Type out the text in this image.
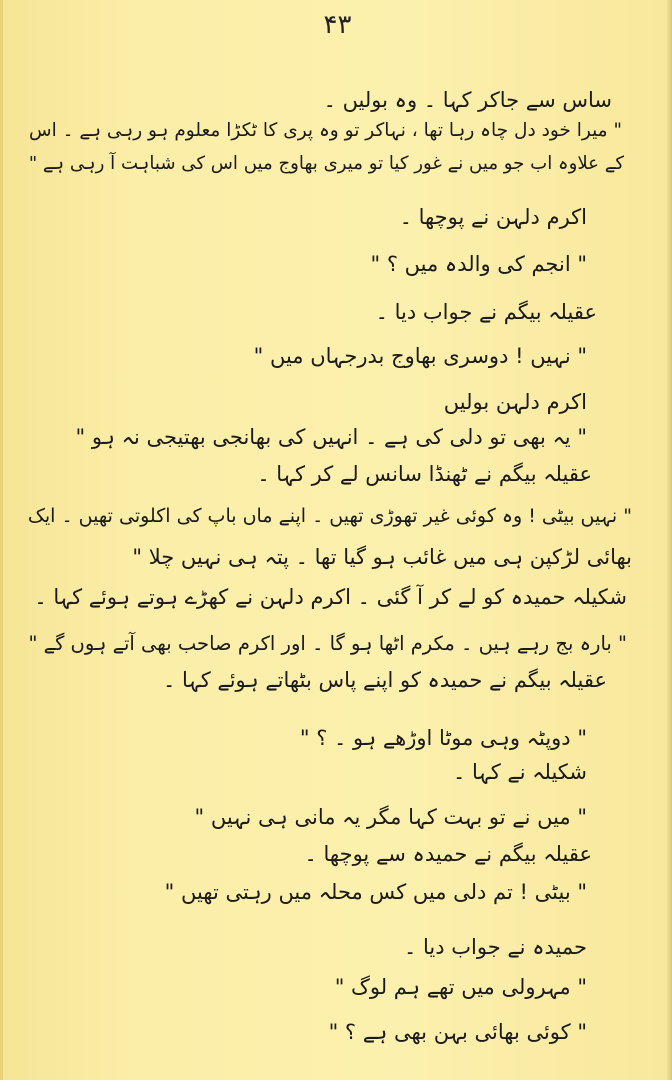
۴۳
ساس سے جاکر کہا ۔ وہ بولیں ۔
" میرا خود دل چاہ رہا تھا ، نہاکر تو وہ پری کا ٹکڑا معلوم ہو رہی ہے ۔ اس
کے علاوہ اب جو میں نے غور کیا تو میری بھاوج میں اس کی شباہت آ رہی ہے "
اکرم دلہن نے پوچھا ۔
" انجم کی والدہ میں ؟ "
عقیلہ بیگم نے جواب دیا ۔
" نہیں ! دوسری بھاوج بدرجہاں میں "
اکرم دلہن بولیں
" یہ بھی تو دلی کی ہے ۔ انہیں کی بھانجی بھتیجی نہ ہو "
عقیلہ بیگم نے ٹھنڈا سانس لے کر کہا ۔
" نہیں بیٹی ! وہ کوئی غیر تھوڑی تھیں ۔ اپنے ماں باپ کی اکلوتی تھیں ۔ ایک
بھائی لڑکپن ہی میں غائب ہو گیا تھا ۔ پتہ ہی نہیں چلا "
شکیلہ حمیدہ کو لے کر آ گئی ۔ اکرم دلہن نے کھڑے ہوتے ہوئے کہا ۔
" بارہ بج رہے ہیں ۔ مکرم اٹھا ہو گا ۔ اور اکرم صاحب بھی آتے ہوں گے "
عقیلہ بیگم نے حمیدہ کو اپنے پاس بٹھاتے ہوئے کہا ۔
" دوپٹہ وہی موٹا اوڑھے ہو ۔ ؟ "
شکیلہ نے کہا ۔
" میں نے تو بہت کہا مگر یہ مانی ہی نہیں "
عقیلہ بیگم نے حمیدہ سے پوچھا ۔
" بیٹی ! تم دلی میں کس محلہ میں رہتی تھیں "
حمیدہ نے جواب دیا ۔
" مہرولی میں تھے ہم لوگ "
" کوئی بھائی بہن بھی ہے ؟ "
